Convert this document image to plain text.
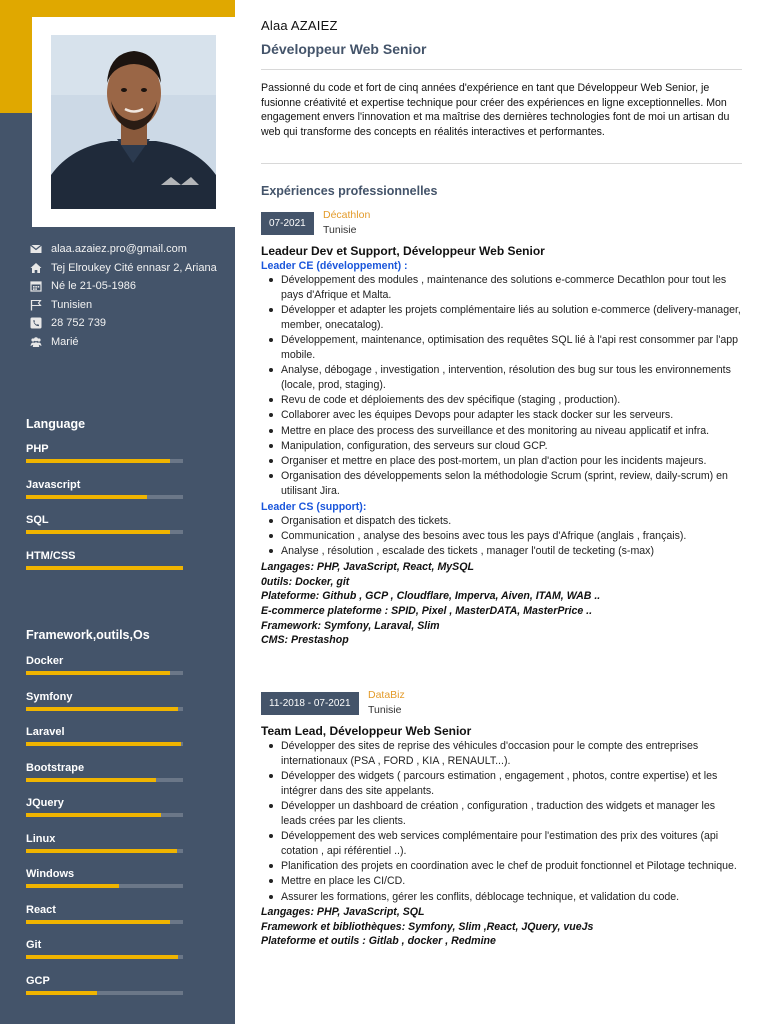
alaa.azaiez.pro@gmail.com
Tej Elroukey Cité ennasr 2, Ariana
Né le 21-05-1986
Tunisien
28 752 739
Marié
Language
PHP
Javascript
SQL
HTM/CSS
Framework,outils,Os
Docker
Symfony
Laravel
Bootstrape
JQuery
Linux
Windows
React
Git
GCP
Alaa AZAIEZ
Développeur Web Senior
Passionné du code et fort de cinq années d'expérience en tant que Développeur Web Senior, je fusionne créativité et expertise technique pour créer des expériences en ligne exceptionnelles. Mon engagement envers l'innovation et ma maîtrise des dernières technologies font de moi un artisan du web qui transforme des concepts en réalités interactives et performantes.
Expériences professionnelles
07-2021
Décathlon
Tunisie
Leadeur Dev et Support, Développeur Web Senior
Leader CE (développement) :
Développement des modules , maintenance des solutions e-commerce Decathlon pour tout les pays d'Afrique et Malta.
Développer et adapter les projets complémentaire liés au solution e-commerce (delivery-manager, member, onecatalog).
Développement, maintenance, optimisation des requêtes SQL lié à l'api rest consommer par l'app mobile.
Analyse, débogage , investigation , intervention, résolution des bug sur tous les environnements (locale, prod, staging).
Revu de code et déploiements des dev spécifique (staging , production).
Collaborer avec les équipes Devops pour adapter les stack docker sur les serveurs.
Mettre en place des process des surveillance et des monitoring au niveau applicatif et infra.
Manipulation, configuration, des serveurs sur cloud GCP.
Organiser et mettre en place des post-mortem, un plan d'action pour les incidents majeurs.
Organisation des développements selon la méthodologie Scrum (sprint, review, daily-scrum) en utilisant Jira.
Leader CS (support):
Organisation et dispatch des tickets.
Communication , analyse des besoins avec tous les pays d'Afrique (anglais , français).
Analyse , résolution , escalade des tickets , manager l'outil de tecketing (s-max)
Langages: PHP, JavaScript, React, MySQL
0utils: Docker, git
Plateforme: Github , GCP , Cloudflare, Imperva, Aiven, ITAM, WAB ..
E-commerce plateforme : SPID, Pixel , MasterDATA, MasterPrice ..
Framework: Symfony, Laraval, Slim
CMS: Prestashop
11-2018 - 07-2021
DataBiz
Tunisie
Team Lead, Développeur Web Senior
Développer des sites de reprise des véhicules d'occasion pour le compte des entreprises internationaux (PSA , FORD , KIA , RENAULT...).
Développer des widgets ( parcours estimation , engagement , photos, contre expertise) et les intégrer dans des site appelants.
Développer un dashboard de création , configuration , traduction des widgets et manager les leads crées par les clients.
Développement des web services complémentaire pour l'estimation des prix des voitures (api cotation , api référentiel ..).
Planification des projets en coordination avec le chef de produit fonctionnel et Pilotage technique.
Mettre en place les CI/CD.
Assurer les formations, gérer les conflits, déblocage technique, et validation du code.
Langages: PHP, JavaScript, SQL
Framework et bibliothèques: Symfony, Slim ,React, JQuery, vueJs
Plateforme et outils : Gitlab , docker , Redmine
